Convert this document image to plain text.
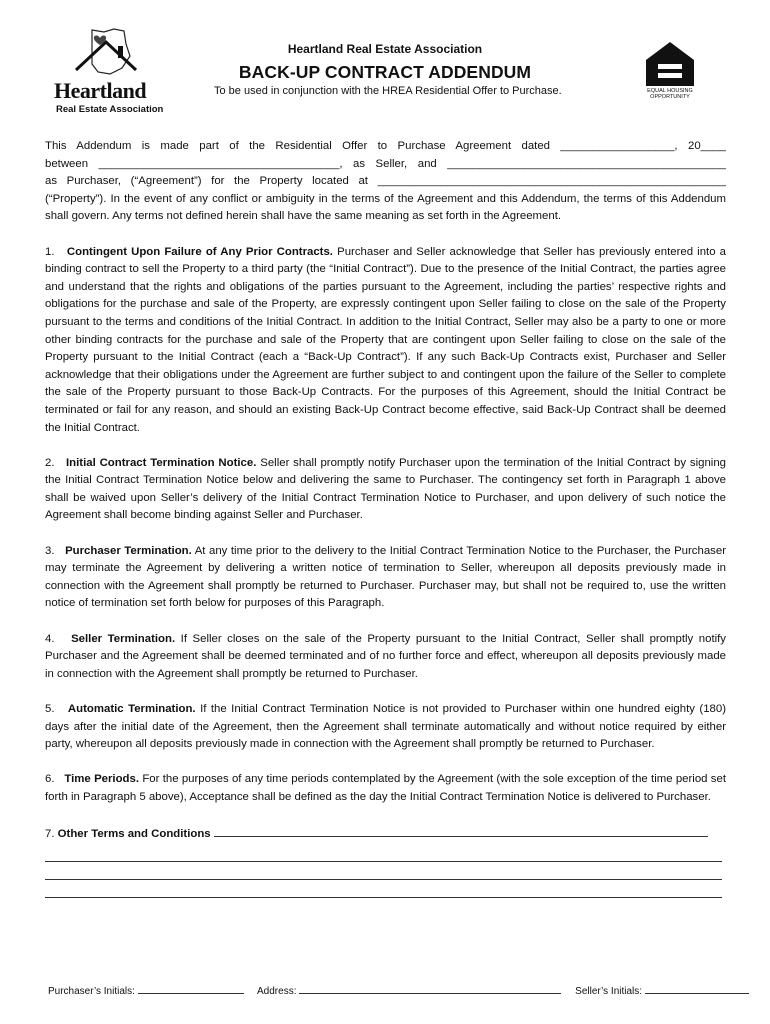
Heartland
Real Estate Association
Heartland Real Estate Association
BACK-UP CONTRACT ADDENDUM
To be used in conjunction with the HREA Residential Offer to Purchase.	EQUAL HOUSING OPPORTUNITY

This Addendum is made part of the Residential Offer to Purchase Agreement dated __________________, 20____

between ______________________________________, as Seller, and ____________________________________________

as Purchaser, (“Agreement”) for the Property located at _______________________________________________________

(“Property”). In the event of any conflict or ambiguity in the terms of the Agreement and this Addendum, the terms of this Addendum shall govern. Any terms not defined herein shall have the same meaning as set forth in the Agreement.

1. Contingent Upon Failure of Any Prior Contracts. Purchaser and Seller acknowledge that Seller has previously entered into a binding contract to sell the Property to a third party (the “Initial Contract”). Due to the presence of the Initial Contract, the parties agree and understand that the rights and obligations of the parties pursuant to the Agreement, including the parties’ respective rights and obligations for the purchase and sale of the Property, are expressly contingent upon Seller failing to close on the sale of the Property pursuant to the terms and conditions of the Initial Contract. In addition to the Initial Contract, Seller may also be a party to one or more other binding contracts for the purchase and sale of the Property that are contingent upon Seller failing to close on the sale of the Property pursuant to the Initial Contract (each a “Back-Up Contract”). If any such Back-Up Contracts exist, Purchaser and Seller acknowledge that their obligations under the Agreement are further subject to and contingent upon the failure of the Seller to complete the sale of the Property pursuant to those Back-Up Contracts. For the purposes of this Agreement, should the Initial Contract be terminated or fail for any reason, and should an existing Back-Up Contract become effective, said Back-Up Contract shall be deemed the Initial Contract.

2. Initial Contract Termination Notice. Seller shall promptly notify Purchaser upon the termination of the Initial Contract by signing the Initial Contract Termination Notice below and delivering the same to Purchaser. The contingency set forth in Paragraph 1 above shall be waived upon Seller’s delivery of the Initial Contract Termination Notice to Purchaser, and upon delivery of such notice the Agreement shall become binding against Seller and Purchaser.

3. Purchaser Termination. At any time prior to the delivery to the Initial Contract Termination Notice to the Purchaser, the Purchaser may terminate the Agreement by delivering a written notice of termination to Seller, whereupon all deposits previously made in connection with the Agreement shall promptly be returned to Purchaser. Purchaser may, but shall not be required to, use the written notice of termination set forth below for purposes of this Paragraph.

4. Seller Termination. If Seller closes on the sale of the Property pursuant to the Initial Contract, Seller shall promptly notify Purchaser and the Agreement shall be deemed terminated and of no further force and effect, whereupon all deposits previously made in connection with the Agreement shall promptly be returned to Purchaser.

5. Automatic Termination. If the Initial Contract Termination Notice is not provided to Purchaser within one hundred eighty (180) days after the initial date of the Agreement, then the Agreement shall terminate automatically and without notice required by either party, whereupon all deposits previously made in connection with the Agreement shall promptly be returned to Purchaser.

6. Time Periods. For the purposes of any time periods contemplated by the Agreement (with the sole exception of the time period set forth in Paragraph 5 above), Acceptance shall be defined as the day the Initial Contract Termination Notice is delivered to Purchaser.

7. Other Terms and Conditions
Purchaser’s Initials:	Address:	Seller’s Initials:
